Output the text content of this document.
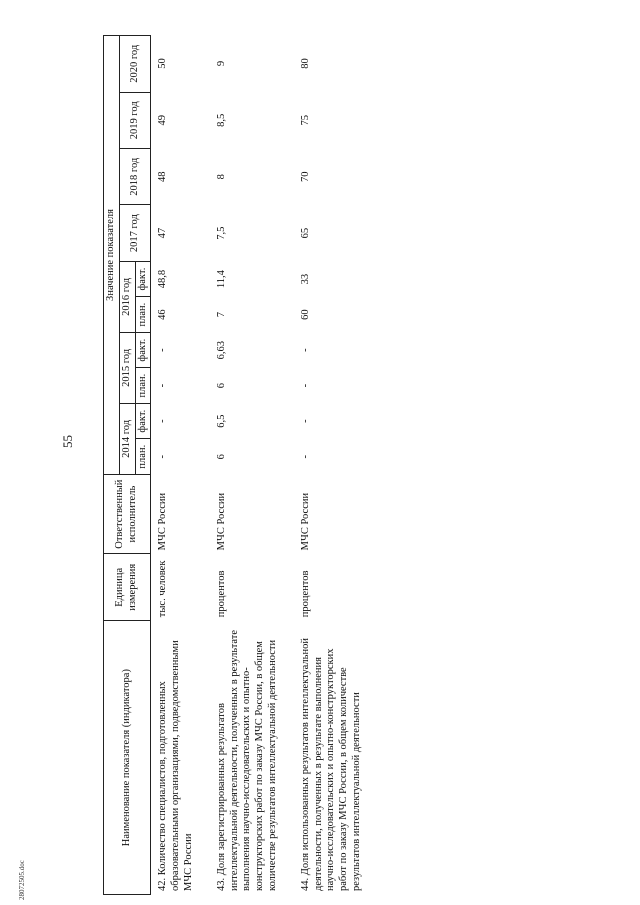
55
Наименование показателя (индикатора)	Единица измерения	Ответственный исполнитель	Значение показателя									
			2014 год		2015 год		2016 год		2017 год	2018 год	2019 год	2020 год
			план.	факт.	план.	факт.	план.	факт.				
42. Количество специалистов, подготовленных образовательными организациями, подведомственными МЧС России	тыс. человек	МЧС России	-	-	-	-	46	48,8	47	48	49	50
43. Доля зарегистрированных результатов интеллектуальной деятельности, полученных в результате выполнения научно-исследовательских и опытно-конструкторских работ по заказу МЧС России, в общем количестве результатов интеллектуальной деятельности	процентов	МЧС России	6	6,5	6	6,63	7	11,4	7,5	8	8,5	9
44. Доля использованных результатов интеллектуальной деятельности, полученных в результате выполнения научно-исследовательских и опытно-конструкторских работ по заказу МЧС России, в общем количестве результатов интеллектуальной деятельности	процентов	МЧС России	-	-	-	-	60	33	65	70	75	80
28072505.doc
